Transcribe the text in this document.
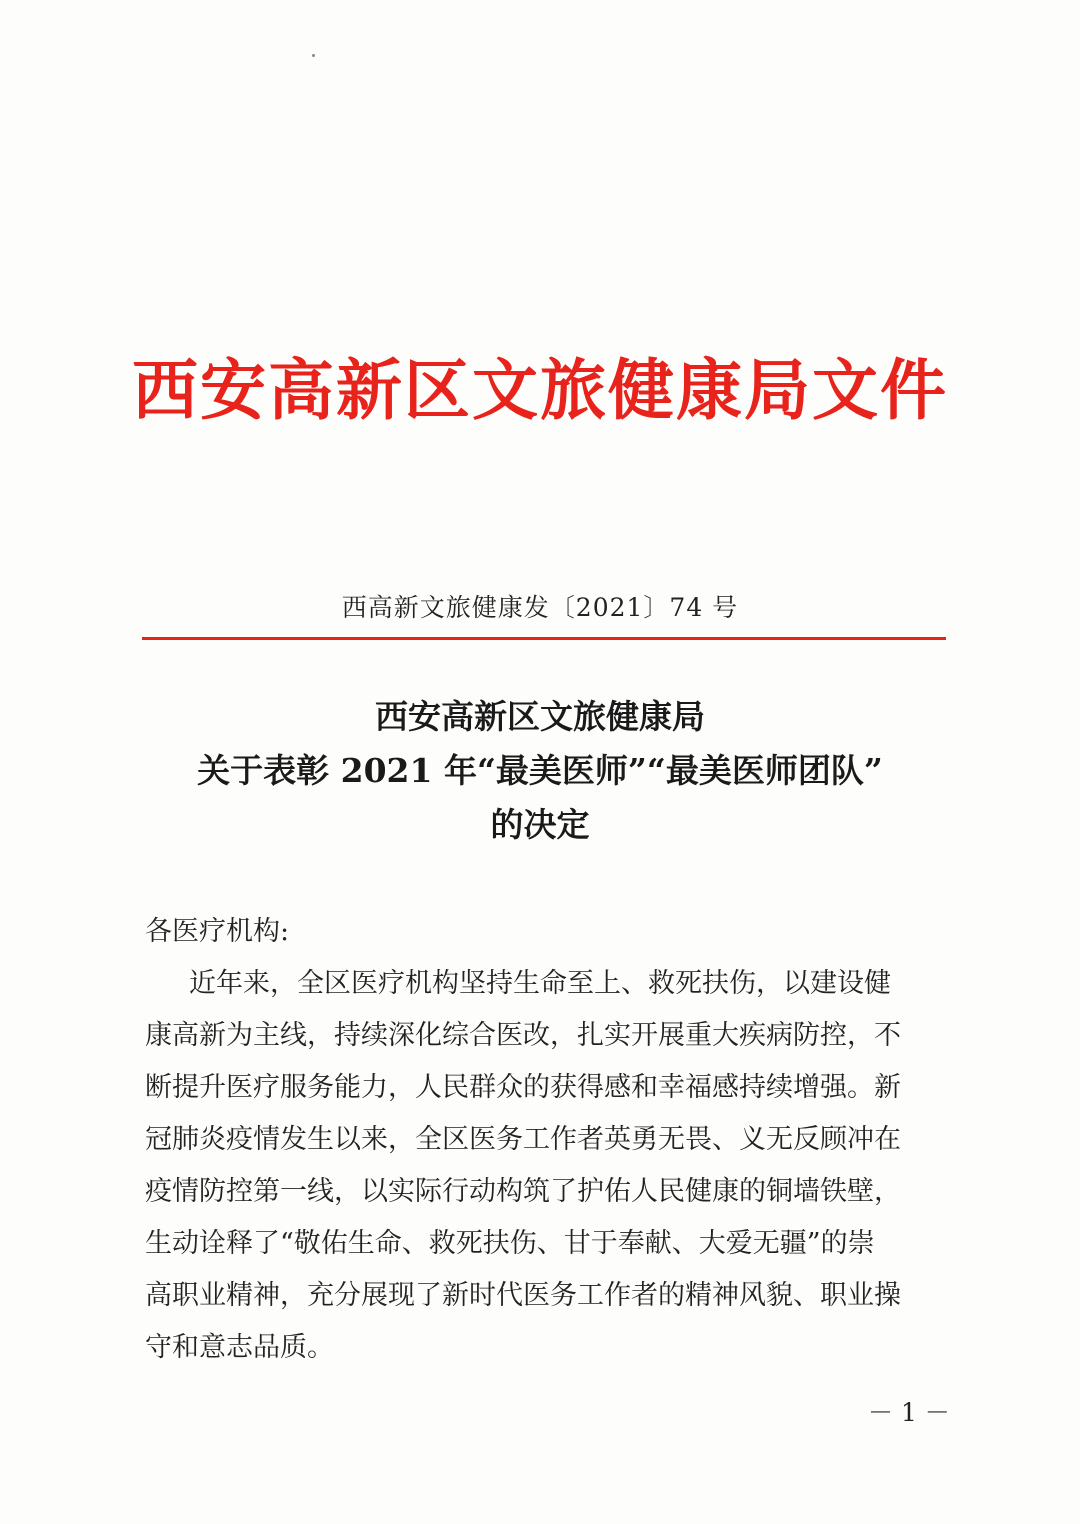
西安高新区文旅健康局文件
西高新文旅健康发〔2021〕74 号
西安高新区文旅健康局
关于表彰 2021 年“最美医师”“最美医师团队”
的决定
各医疗机构:
近年来，全区医疗机构坚持生命至上、救死扶伤，以建设健
康高新为主线，持续深化综合医改，扎实开展重大疾病防控，不
断提升医疗服务能力，人民群众的获得感和幸福感持续增强。新
冠肺炎疫情发生以来，全区医务工作者英勇无畏、义无反顾冲在
疫情防控第一线，以实际行动构筑了护佑人民健康的铜墙铁壁，
生动诠释了“敬佑生命、救死扶伤、甘于奉献、大爱无疆”的崇
高职业精神，充分展现了新时代医务工作者的精神风貌、职业操
守和意志品质。
－ 1 －
